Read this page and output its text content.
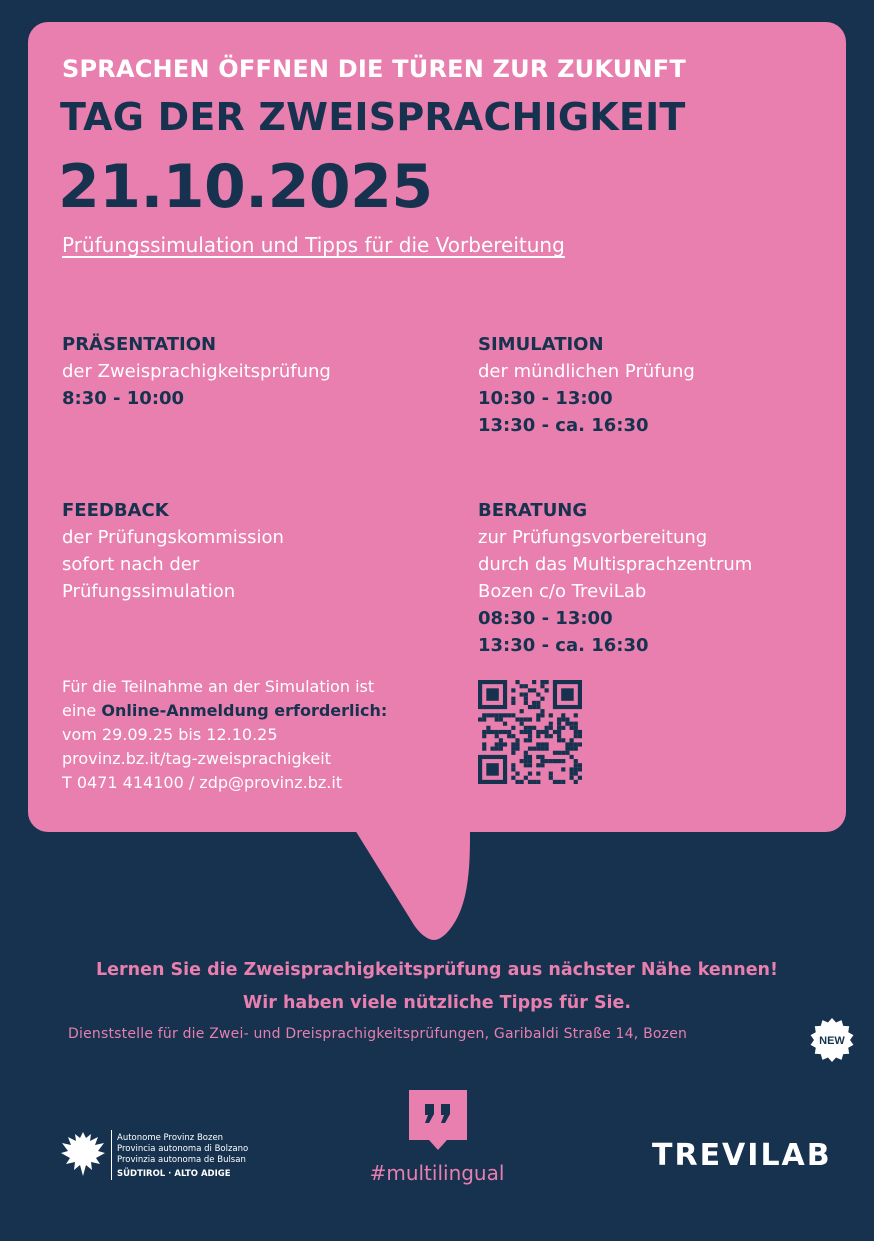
SPRACHEN ÖFFNEN DIE TÜREN ZUR ZUKUNFT
TAG DER ZWEISPRACHIGKEIT
21.10.2025
Prüfungssimulation und Tipps für die Vorbereitung
PRÄSENTATION
der Zweisprachigkeitsprüfung
8:30 - 10:00
SIMULATION
der mündlichen Prüfung
10:30 - 13:00
13:30 - ca. 16:30
FEEDBACK
der Prüfungskommission
sofort nach der
Prüfungssimulation
BERATUNG
zur Prüfungsvorbereitung
durch das Multisprachzentrum
Bozen c/o TreviLab
08:30 - 13:00
13:30 - ca. 16:30
Für die Teilnahme an der Simulation ist
eine Online-Anmeldung erforderlich:
vom 29.09.25 bis 12.10.25
provinz.bz.it/tag-zweisprachigkeit
T 0471 414100 / zdp@provinz.bz.it
Lernen Sie die Zweisprachigkeitsprüfung aus nächster Nähe kennen!
Wir haben viele nützliche Tipps für Sie.
Dienststelle für die Zwei- und Dreisprachigkeitsprüfungen, Garibaldi Straße 14, Bozen	NEW
#multilingual
Autonome Provinz Bozen
Provincia autonoma di Bolzano
Provinzia autonoma de Bulsan
SÜDTIROL · ALTO ADIGE
TREVILAB
